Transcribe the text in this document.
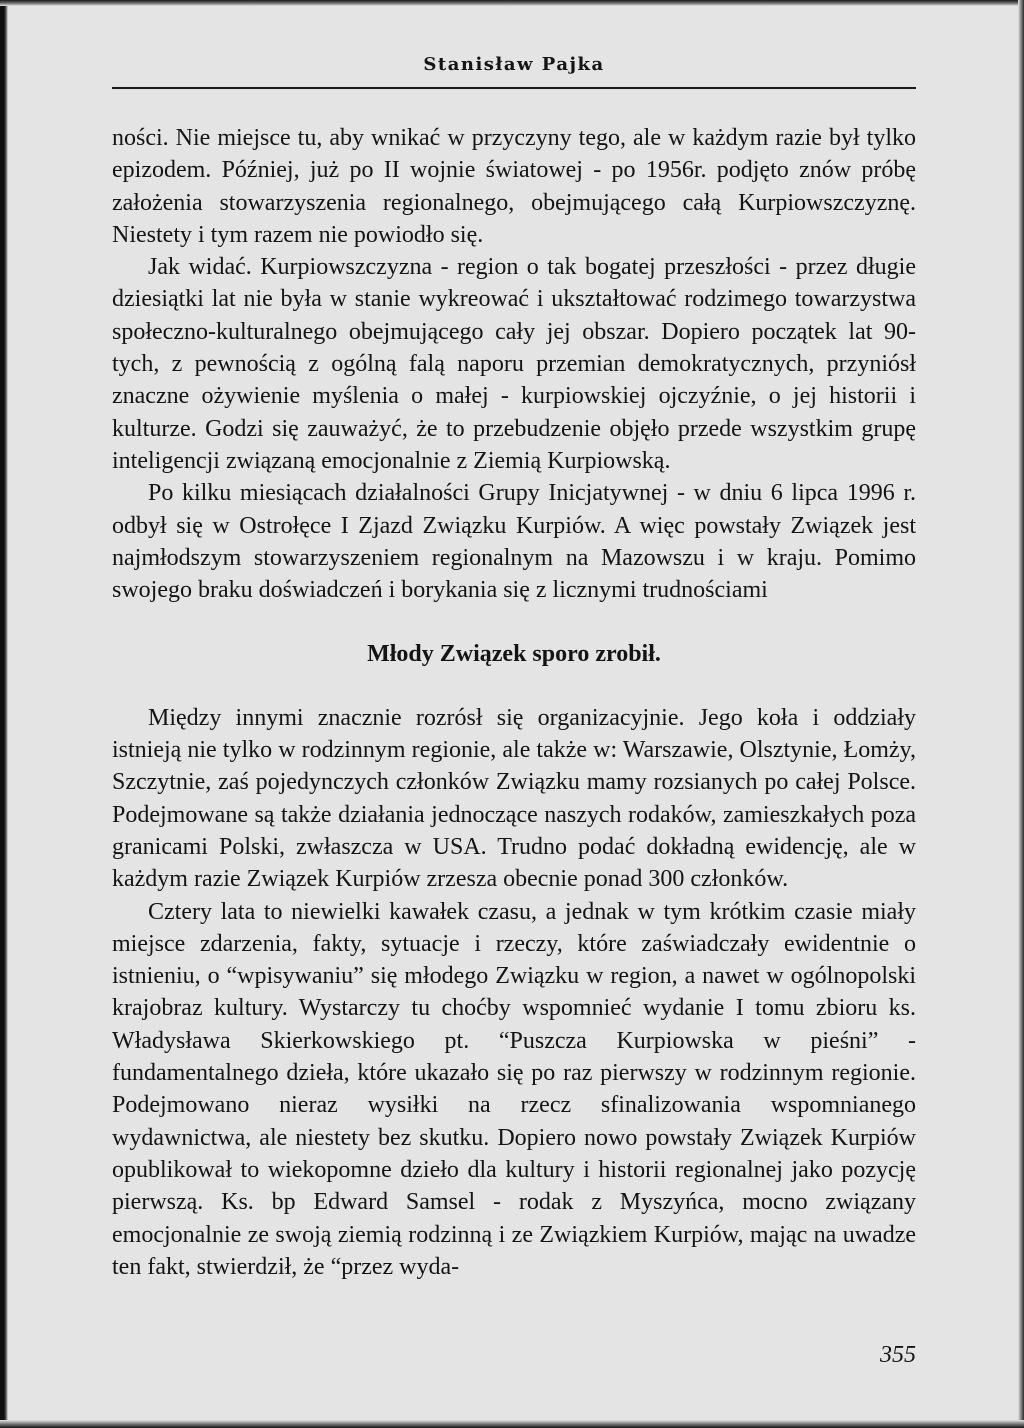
Stanisław Pajka

ności. Nie miejsce tu, aby wnikać w przyczyny tego, ale w każdym razie był tylko epizodem. Później, już po II wojnie światowej - po 1956r. podjęto znów próbę założenia stowarzyszenia regionalnego, obejmującego całą Kurpiowszczyznę. Niestety i tym razem nie powiodło się.

Jak widać. Kurpiowszczyzna - region o tak bogatej przeszłości - przez długie dziesiątki lat nie była w stanie wykreować i ukształtować rodzimego towarzystwa społeczno-kulturalnego obejmującego cały jej obszar. Dopiero początek lat 90-tych, z pewnością z ogólną falą naporu przemian demokratycznych, przyniósł znaczne ożywienie myślenia o małej - kurpiowskiej ojczyźnie, o jej historii i kulturze. Godzi się zauważyć, że to przebudzenie objęło przede wszystkim grupę inteligencji związaną emocjonalnie z Ziemią Kurpiowską.

Po kilku miesiącach działalności Grupy Inicjatywnej - w dniu 6 lipca 1996 r. odbył się w Ostrołęce I Zjazd Związku Kurpiów. A więc powstały Związek jest najmłodszym stowarzyszeniem regionalnym na Mazowszu i w kraju. Pomimo swojego braku doświadczeń i borykania się z licznymi trudnościami

Młody Związek sporo zrobił.

Między innymi znacznie rozrósł się organizacyjnie. Jego koła i oddziały istnieją nie tylko w rodzinnym regionie, ale także w: Warszawie, Olsztynie, Łomży, Szczytnie, zaś pojedynczych członków Związku mamy rozsianych po całej Polsce. Podejmowane są także działania jednoczące naszych rodaków, zamieszkałych poza granicami Polski, zwłaszcza w USA. Trudno podać dokładną ewidencję, ale w każdym razie Związek Kurpiów zrzesza obecnie ponad 300 członków.

Cztery lata to niewielki kawałek czasu, a jednak w tym krótkim czasie miały miejsce zdarzenia, fakty, sytuacje i rzeczy, które zaświadczały ewidentnie o istnieniu, o “wpisywaniu” się młodego Związku w region, a nawet w ogólnopolski krajobraz kultury. Wystarczy tu choćby wspomnieć wydanie I tomu zbioru ks. Władysława Skierkowskiego pt. “Puszcza Kurpiowska w pieśni” - fundamentalnego dzieła, które ukazało się po raz pierwszy w rodzinnym regionie. Podejmowano nieraz wysiłki na rzecz sfinalizowania wspomnianego wydawnictwa, ale niestety bez skutku. Dopiero nowo powstały Związek Kurpiów opublikował to wiekopomne dzieło dla kultury i historii regionalnej jako pozycję pierwszą. Ks. bp Edward Samsel - rodak z Myszyńca, mocno związany emocjonalnie ze swoją ziemią rodzinną i ze Związkiem Kurpiów, mając na uwadze ten fakt, stwierdził, że “przez wyda-

355
